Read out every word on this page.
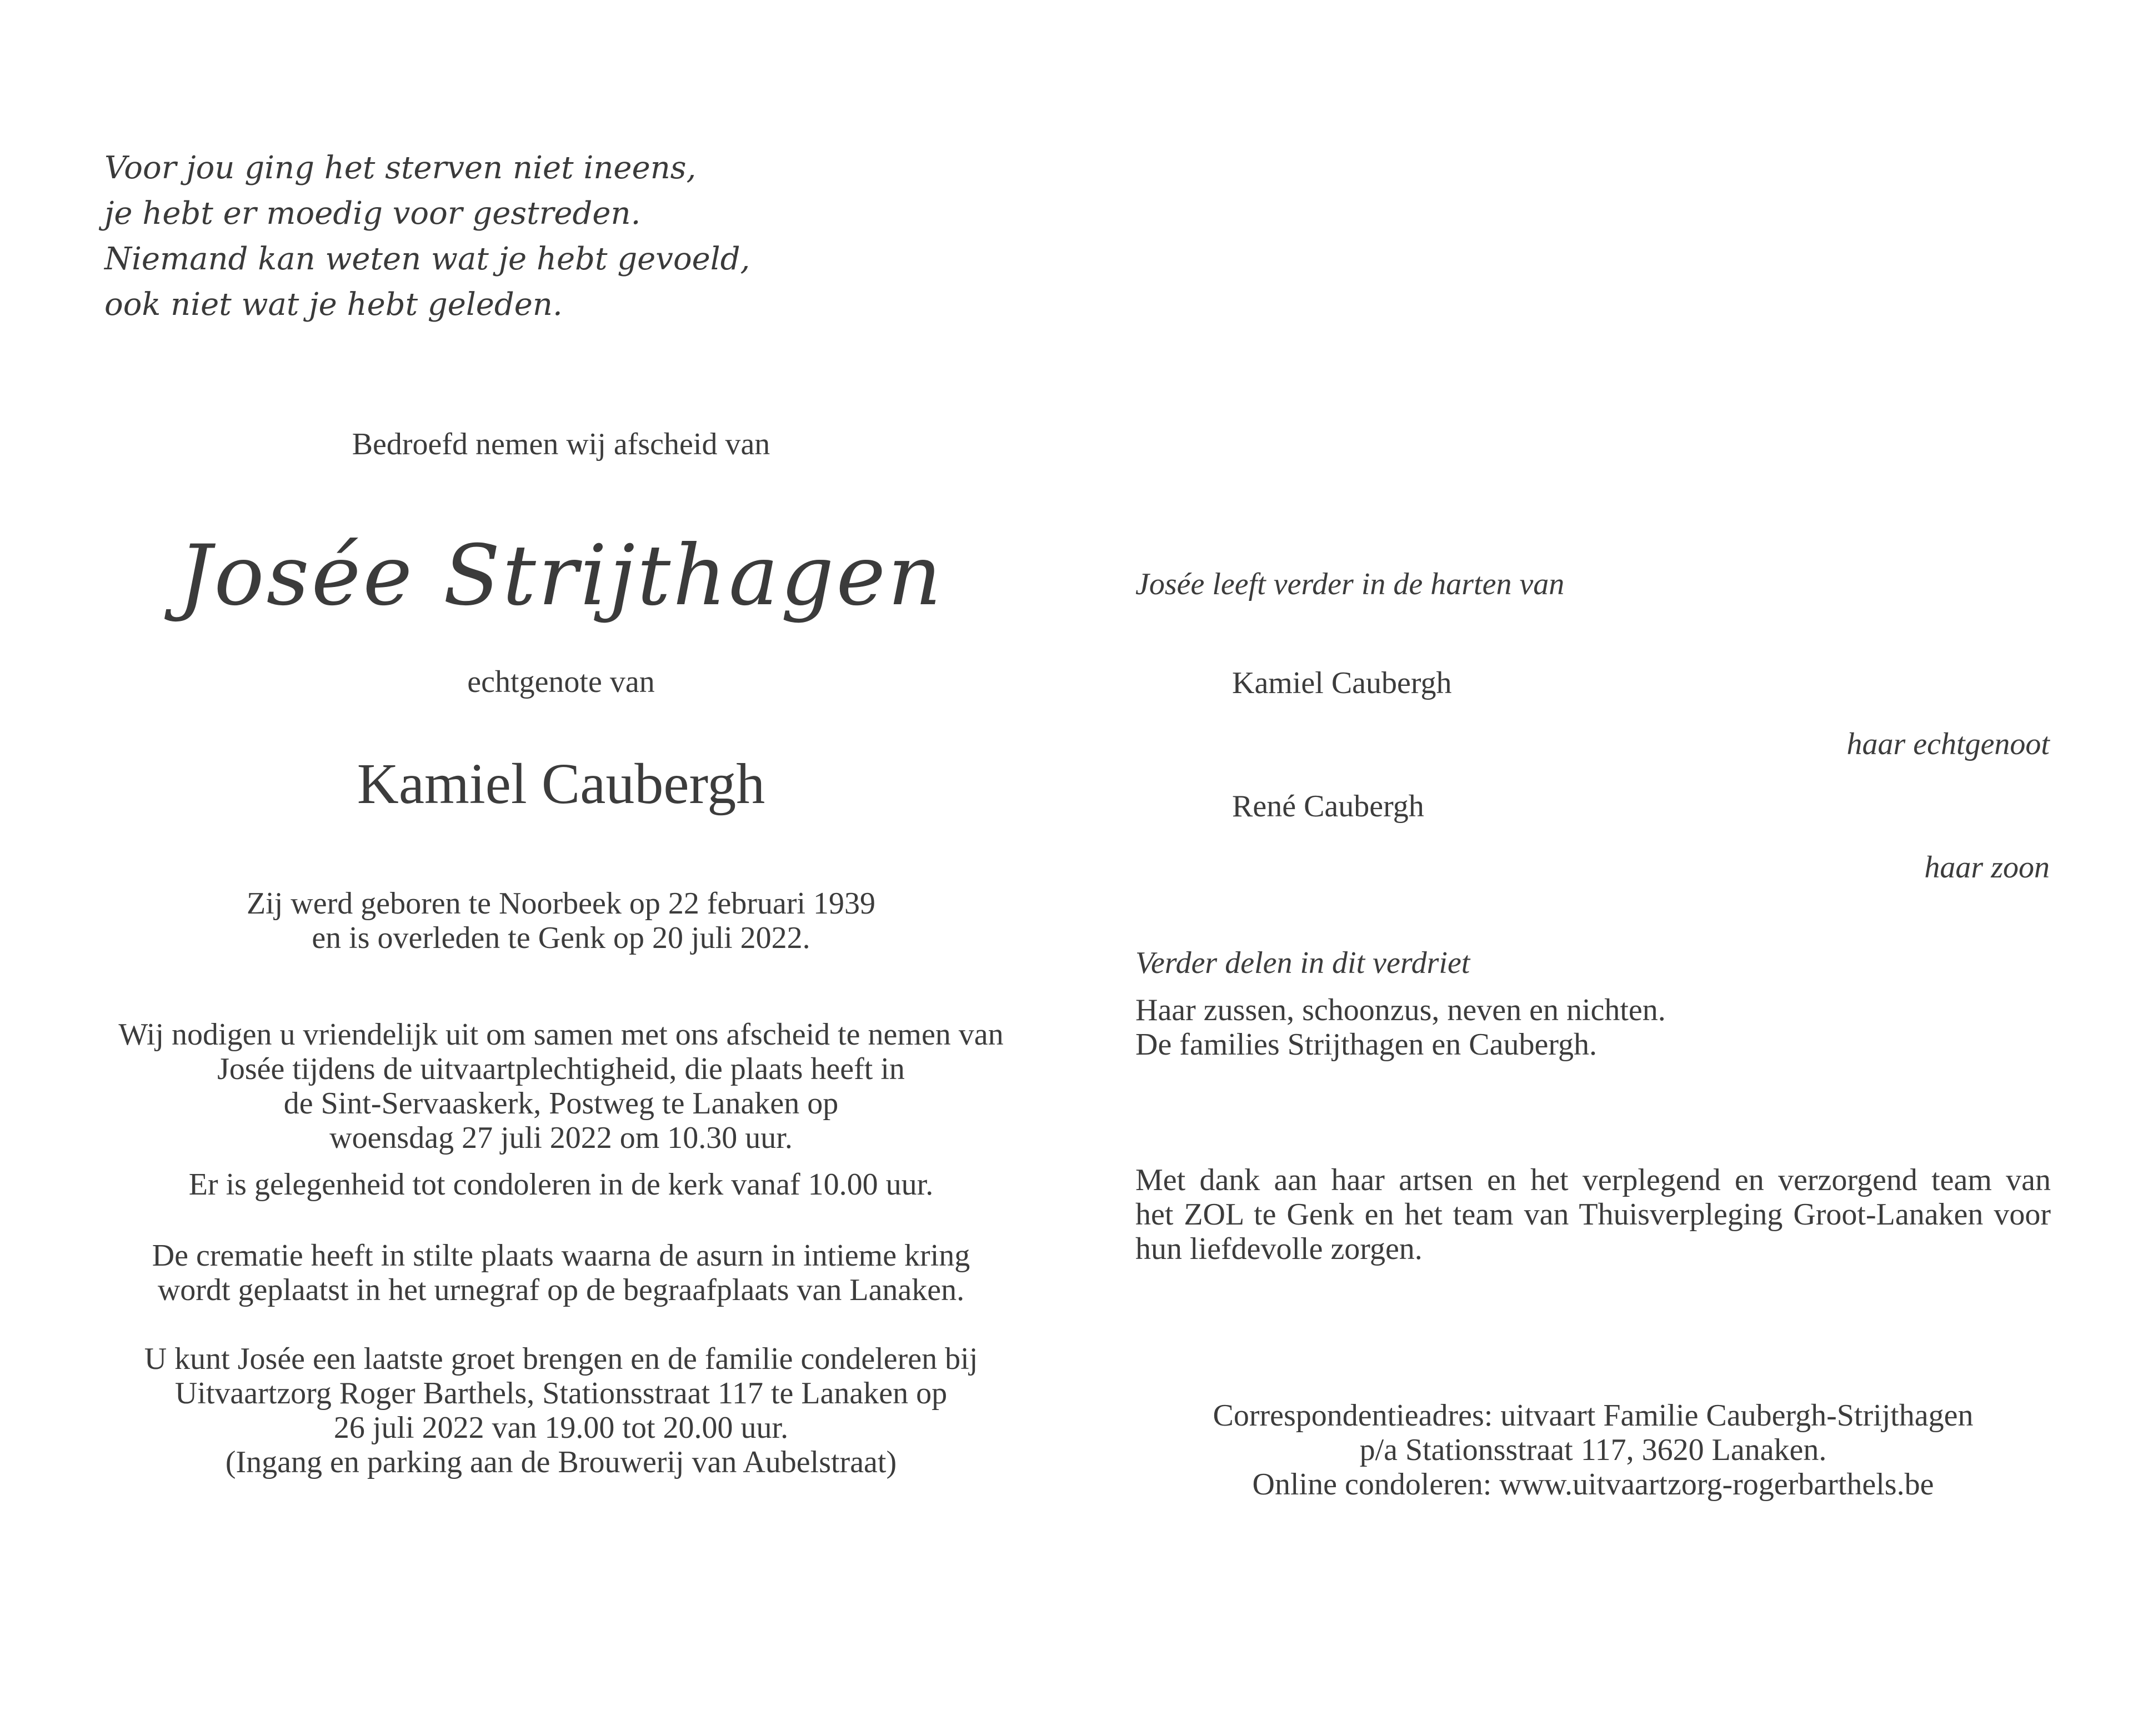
Voor jou ging het sterven niet ineens,
je hebt er moedig voor gestreden.
Niemand kan weten wat je hebt gevoeld,
ook niet wat je hebt geleden.
Bedroefd nemen wij afscheid van
Josée Strijthagen
echtgenote van
Kamiel Caubergh
Zij werd geboren te Noorbeek op 22 februari 1939
en is overleden te Genk op 20 juli 2022.
Wij nodigen u vriendelijk uit om samen met ons afscheid te nemen van
Josée tijdens de uitvaartplechtigheid, die plaats heeft in
de Sint-Servaaskerk, Postweg te Lanaken op
woensdag 27 juli 2022 om 10.30 uur.
Er is gelegenheid tot condoleren in de kerk vanaf 10.00 uur.
De crematie heeft in stilte plaats waarna de asurn in intieme kring
wordt geplaatst in het urnegraf op de begraafplaats van Lanaken.
U kunt Josée een laatste groet brengen en de familie condeleren bij
Uitvaartzorg Roger Barthels, Stationsstraat 117 te Lanaken op
26 juli 2022 van 19.00 tot 20.00 uur.
(Ingang en parking aan de Brouwerij van Aubelstraat)
Josée leeft verder in de harten van
Kamiel Caubergh
haar echtgenoot
René Caubergh
haar zoon
Verder delen in dit verdriet
Haar zussen, schoonzus, neven en nichten.
De families Strijthagen en Caubergh.
Met dank aan haar artsen en het verplegend en verzorgend team van
het ZOL te Genk en het team van Thuisverpleging Groot-Lanaken voor
hun liefdevolle zorgen.
Correspondentieadres: uitvaart Familie Caubergh-Strijthagen
p/a Stationsstraat 117, 3620 Lanaken.
Online condoleren: www.uitvaartzorg-rogerbarthels.be
